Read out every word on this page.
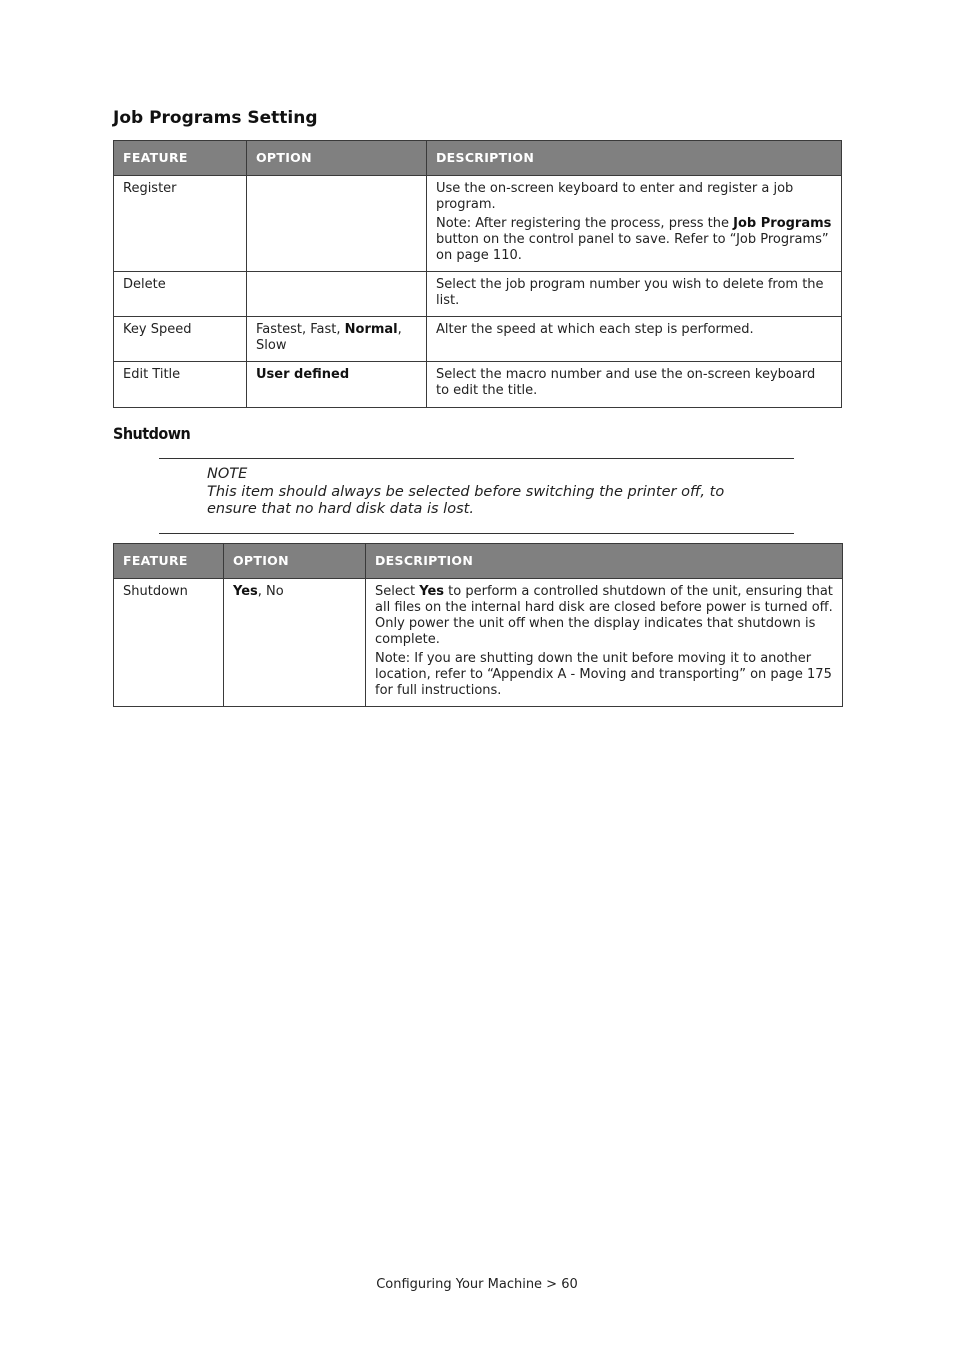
Job Programs Setting
FEATURE	OPTION	DESCRIPTION
Register		Use the on-screen keyboard to enter and register a job program.

Note: After registering the process, press the Job Programs button on the control panel to save. Refer to “Job Programs” on page 110.

Delete		Select the job program number you wish to delete from the list.

Key Speed	Fastest, Fast, Normal, Slow	Alter the speed at which each step is performed.

Edit Title	User defined	Select the macro number and use the on-screen keyboard to edit the title.

Shutdown
NOTE
This item should always be selected before switching the printer off, to ensure that no hard disk data is lost.
FEATURE	OPTION	DESCRIPTION
Shutdown	Yes, No	Select Yes to perform a controlled shutdown of the unit, ensuring that all files on the internal hard disk are closed before power is turned off. Only power the unit off when the display indicates that shutdown is complete.

Note: If you are shutting down the unit before moving it to another location, refer to “Appendix A - Moving and transporting” on page 175 for full instructions.

Configuring Your Machine > 60
